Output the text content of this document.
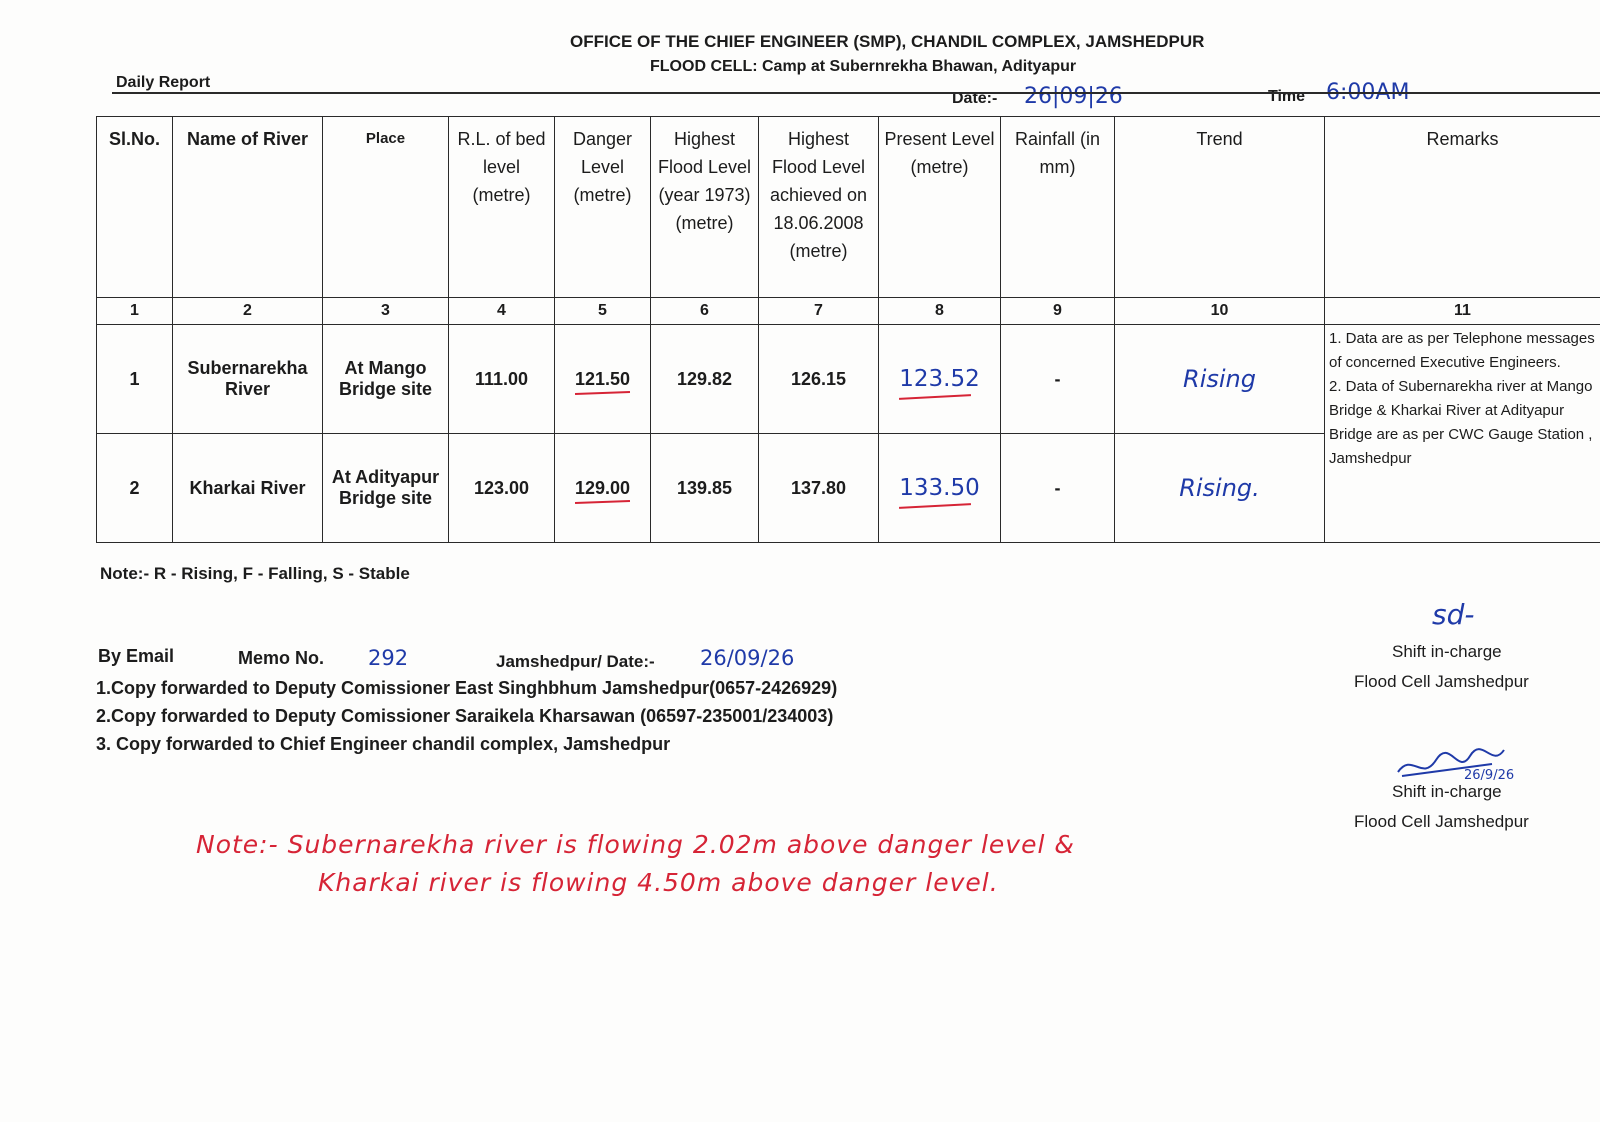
OFFICE OF THE CHIEF ENGINEER (SMP), CHANDIL COMPLEX, JAMSHEDPUR
FLOOD CELL: Camp at Subernrekha Bhawan, Adityapur
Daily Report
Date:- 26|09|26	Time 6:00AM
Sl.No.	Name of River	Place	R.L. of bed level (metre)	Danger Level (metre)	Highest Flood Level (year 1973) (metre)	Highest Flood Level achieved on 18.06.2008 (metre)	Present Level (metre)	Rainfall (in mm)	Trend	Remarks
1	2	3	4	5	6	7	8	9	10	11
1	Subernarekha River	At Mango Bridge site	111.00	121.50	129.82	126.15	123.52	-	Rising	1. Data are as per Telephone messages of concerned Executive Engineers.
2. Data of Subernarekha river at Mango Bridge & Kharkai River at Adityapur Bridge are as per CWC Gauge Station , Jamshedpur

2	Kharkai River	At Adityapur Bridge site	123.00	129.00	139.85	137.80	133.50	-	Rising.	
Note:- R - Rising, F - Falling, S - Stable
sd-
Shift in-charge
Flood Cell Jamshedpur
By Email	Memo No. 292	Jamshedpur/ Date:- 26/09/26
1.Copy forwarded to Deputy Comissioner East Singhbhum Jamshedpur(0657-2426929)
2.Copy forwarded to Deputy Comissioner Saraikela Kharsawan (06597-235001/234003)
3. Copy forwarded to Chief Engineer chandil complex, Jamshedpur
26/9/26
Shift in-charge
Flood Cell Jamshedpur
Note:- Subernarekha river is flowing 2.02m above danger level &
Kharkai river is flowing 4.50m above danger level.
